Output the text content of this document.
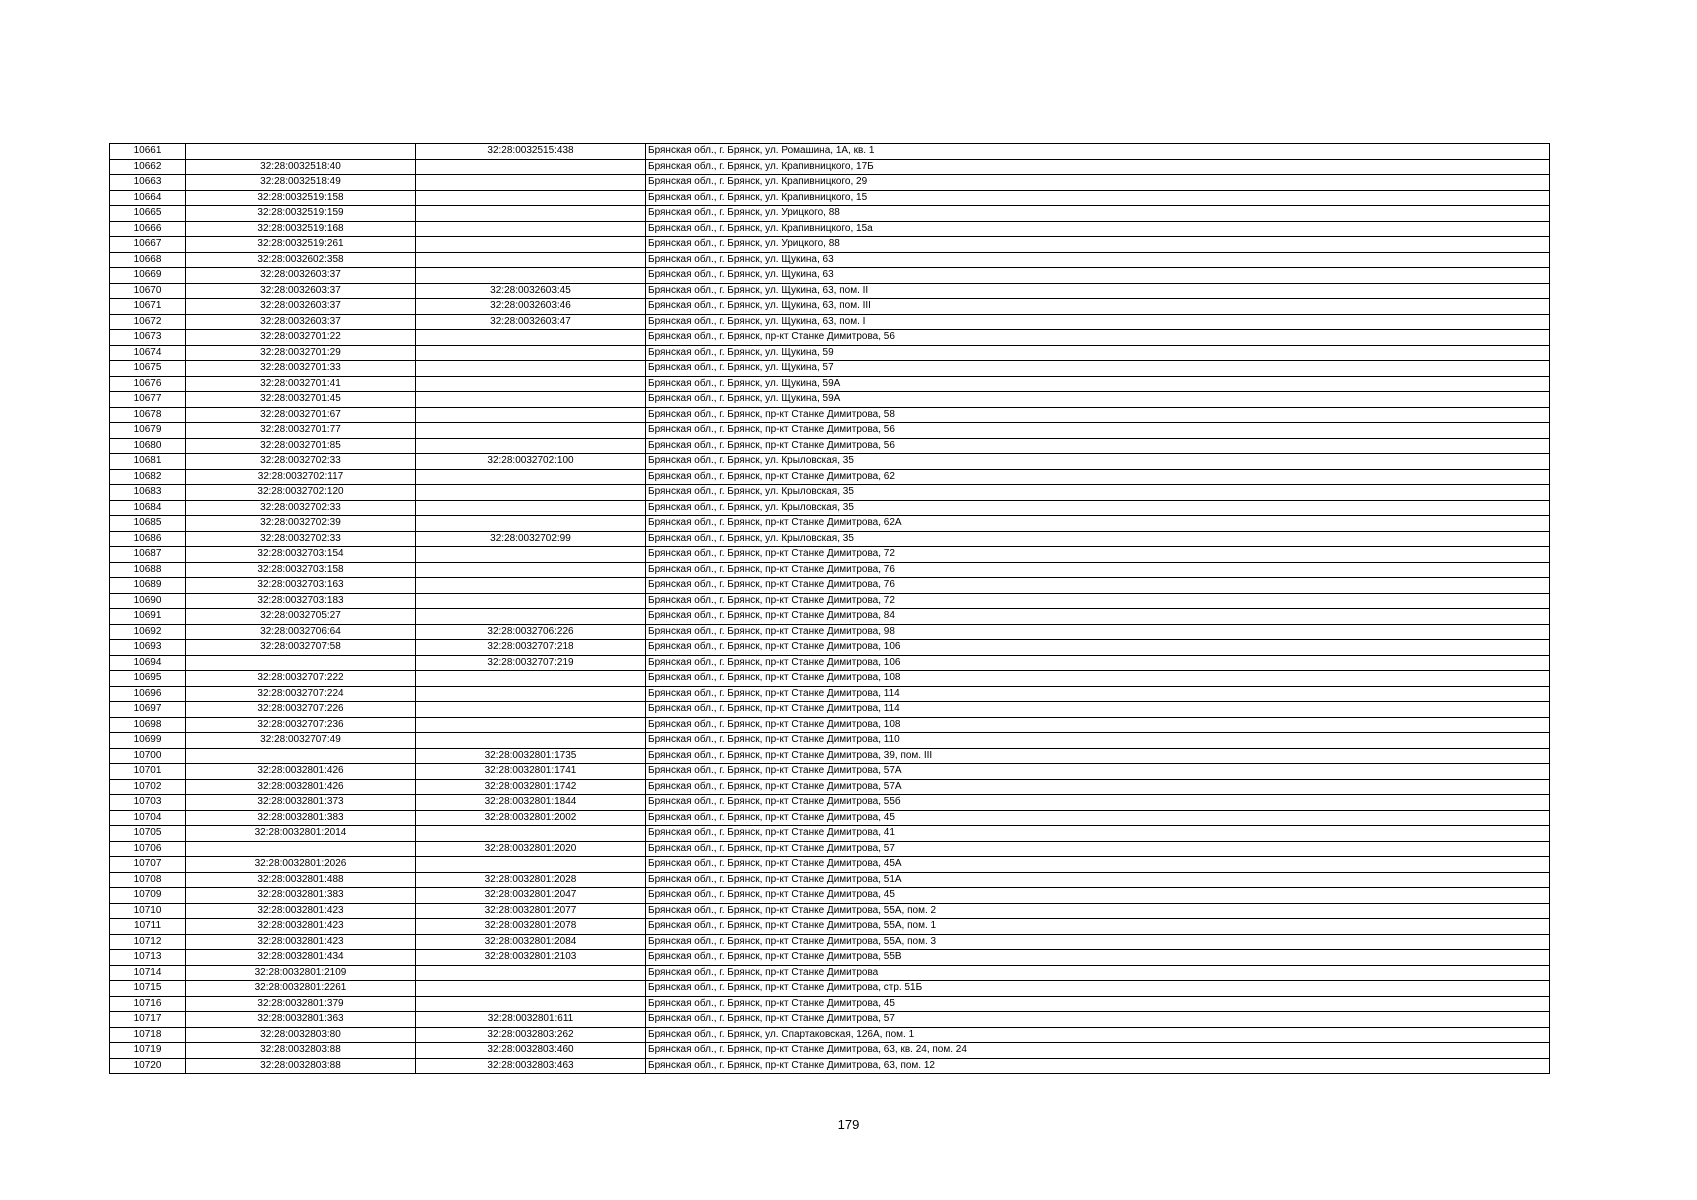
10661		32:28:0032515:438	Брянская обл., г. Брянск, ул. Ромашина, 1А, кв. 1
10662	32:28:0032518:40		Брянская обл., г. Брянск, ул. Крапивницкого, 17Б
10663	32:28:0032518:49		Брянская обл., г. Брянск, ул. Крапивницкого, 29
10664	32:28:0032519:158		Брянская обл., г. Брянск, ул. Крапивницкого, 15
10665	32:28:0032519:159		Брянская обл., г. Брянск, ул. Урицкого, 88
10666	32:28:0032519:168		Брянская обл., г. Брянск, ул. Крапивницкого, 15а
10667	32:28:0032519:261		Брянская обл., г. Брянск, ул. Урицкого, 88
10668	32:28:0032602:358		Брянская обл., г. Брянск, ул. Щукина, 63
10669	32:28:0032603:37		Брянская обл., г. Брянск, ул. Щукина, 63
10670	32:28:0032603:37	32:28:0032603:45	Брянская обл., г. Брянск, ул. Щукина, 63, пом. II
10671	32:28:0032603:37	32:28:0032603:46	Брянская обл., г. Брянск, ул. Щукина, 63, пом. III
10672	32:28:0032603:37	32:28:0032603:47	Брянская обл., г. Брянск, ул. Щукина, 63, пом. I
10673	32:28:0032701:22		Брянская обл., г. Брянск, пр-кт Станке Димитрова, 56
10674	32:28:0032701:29		Брянская обл., г. Брянск, ул. Щукина, 59
10675	32:28:0032701:33		Брянская обл., г. Брянск, ул. Щукина, 57
10676	32:28:0032701:41		Брянская обл., г. Брянск, ул. Щукина, 59А
10677	32:28:0032701:45		Брянская обл., г. Брянск, ул. Щукина, 59А
10678	32:28:0032701:67		Брянская обл., г. Брянск, пр-кт Станке Димитрова, 58
10679	32:28:0032701:77		Брянская обл., г. Брянск, пр-кт Станке Димитрова, 56
10680	32:28:0032701:85		Брянская обл., г. Брянск, пр-кт Станке Димитрова, 56
10681	32:28:0032702:33	32:28:0032702:100	Брянская обл., г. Брянск, ул. Крыловская, 35
10682	32:28:0032702:117		Брянская обл., г. Брянск, пр-кт Станке Димитрова, 62
10683	32:28:0032702:120		Брянская обл., г. Брянск, ул. Крыловская, 35
10684	32:28:0032702:33		Брянская обл., г. Брянск, ул. Крыловская, 35
10685	32:28:0032702:39		Брянская обл., г. Брянск, пр-кт Станке Димитрова, 62А
10686	32:28:0032702:33	32:28:0032702:99	Брянская обл., г. Брянск, ул. Крыловская, 35
10687	32:28:0032703:154		Брянская обл., г. Брянск, пр-кт Станке Димитрова, 72
10688	32:28:0032703:158		Брянская обл., г. Брянск, пр-кт Станке Димитрова, 76
10689	32:28:0032703:163		Брянская обл., г. Брянск, пр-кт Станке Димитрова, 76
10690	32:28:0032703:183		Брянская обл., г. Брянск, пр-кт Станке Димитрова, 72
10691	32:28:0032705:27		Брянская обл., г. Брянск, пр-кт Станке Димитрова, 84
10692	32:28:0032706:64	32:28:0032706:226	Брянская обл., г. Брянск, пр-кт Станке Димитрова, 98
10693	32:28:0032707:58	32:28:0032707:218	Брянская обл., г. Брянск, пр-кт Станке Димитрова, 106
10694		32:28:0032707:219	Брянская обл., г. Брянск, пр-кт Станке Димитрова, 106
10695	32:28:0032707:222		Брянская обл., г. Брянск, пр-кт Станке Димитрова, 108
10696	32:28:0032707:224		Брянская обл., г. Брянск, пр-кт Станке Димитрова, 114
10697	32:28:0032707:226		Брянская обл., г. Брянск, пр-кт Станке Димитрова, 114
10698	32:28:0032707:236		Брянская обл., г. Брянск, пр-кт Станке Димитрова, 108
10699	32:28:0032707:49		Брянская обл., г. Брянск, пр-кт Станке Димитрова, 110
10700		32:28:0032801:1735	Брянская обл., г. Брянск, пр-кт Станке Димитрова, 39, пом. III
10701	32:28:0032801:426	32:28:0032801:1741	Брянская обл., г. Брянск, пр-кт Станке Димитрова, 57А
10702	32:28:0032801:426	32:28:0032801:1742	Брянская обл., г. Брянск, пр-кт Станке Димитрова, 57А
10703	32:28:0032801:373	32:28:0032801:1844	Брянская обл., г. Брянск, пр-кт Станке Димитрова, 55б
10704	32:28:0032801:383	32:28:0032801:2002	Брянская обл., г. Брянск, пр-кт Станке Димитрова, 45
10705	32:28:0032801:2014		Брянская обл., г. Брянск, пр-кт Станке Димитрова, 41
10706		32:28:0032801:2020	Брянская обл., г. Брянск, пр-кт Станке Димитрова, 57
10707	32:28:0032801:2026		Брянская обл., г. Брянск, пр-кт Станке Димитрова, 45А
10708	32:28:0032801:488	32:28:0032801:2028	Брянская обл., г. Брянск, пр-кт Станке Димитрова, 51А
10709	32:28:0032801:383	32:28:0032801:2047	Брянская обл., г. Брянск, пр-кт Станке Димитрова, 45
10710	32:28:0032801:423	32:28:0032801:2077	Брянская обл., г. Брянск, пр-кт Станке Димитрова, 55А, пом. 2
10711	32:28:0032801:423	32:28:0032801:2078	Брянская обл., г. Брянск, пр-кт Станке Димитрова, 55А, пом. 1
10712	32:28:0032801:423	32:28:0032801:2084	Брянская обл., г. Брянск, пр-кт Станке Димитрова, 55А, пом. 3
10713	32:28:0032801:434	32:28:0032801:2103	Брянская обл., г. Брянск, пр-кт Станке Димитрова, 55В
10714	32:28:0032801:2109		Брянская обл., г. Брянск, пр-кт Станке Димитрова
10715	32:28:0032801:2261		Брянская обл., г. Брянск, пр-кт Станке Димитрова, стр. 51Б
10716	32:28:0032801:379		Брянская обл., г. Брянск, пр-кт Станке Димитрова, 45
10717	32:28:0032801:363	32:28:0032801:611	Брянская обл., г. Брянск, пр-кт Станке Димитрова, 57
10718	32:28:0032803:80	32:28:0032803:262	Брянская обл., г. Брянск, ул. Спартаковская, 126А, пом. 1
10719	32:28:0032803:88	32:28:0032803:460	Брянская обл., г. Брянск, пр-кт Станке Димитрова, 63, кв. 24, пом. 24
10720	32:28:0032803:88	32:28:0032803:463	Брянская обл., г. Брянск, пр-кт Станке Димитрова, 63, пом. 12
179
